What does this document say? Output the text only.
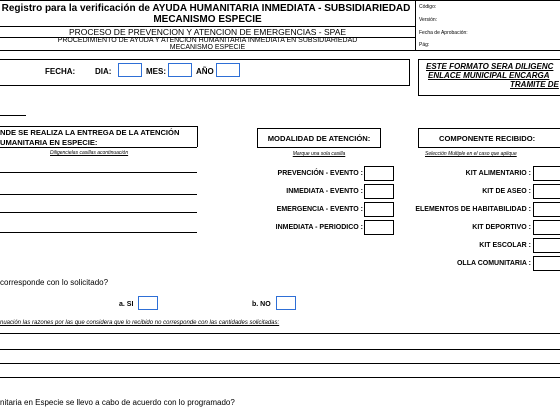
Registro para la verificación de AYUDA HUMANITARIA INMEDIATA - SUBSIDIARIEDAD
MECANISMO ESPECIE
PROCESO DE PREVENCION Y ATENCION DE EMERGENCIAS - SPAE
PROCEDIMIENTO DE AYUDA Y ATENCION HUMANITARIA INMEDIATA EN SUBSIDIARIEDAD
MECANISMO ESPECIE
Código:
Versión:
Fecha de Aprobación:
Pág:
FECHA: DIA:	MES:	AÑO
ESTE FORMATO SERA DILIGENC
ENLACE MUNICIPAL ENCARGA
TRAMITE DE
NDE SE REALIZA LA ENTREGA DE LA ATENCIÓN
UMANITARIA EN ESPECIE:
Diligencielas casillas acontinuación
MODALIDAD DE ATENCIÓN:
Marque una sola casilla
PREVENCIÓN - EVENTO :
INMEDIATA - EVENTO :
EMERGENCIA - EVENTO :
INMEDIATA - PERIODICO :
COMPONENTE RECIBIDO:
Selección Multiple en el caso que aplique
KIT ALIMENTARIO :
KIT DE ASEO :
ELEMENTOS DE HABITABILIDAD :
KIT DEPORTIVO :
KIT ESCOLAR :
OLLA COMUNITARIA :
corresponde con lo solicitado?
a. SI	b. NO
nuación las razones por las que considera que lo recibido no corresponde con las cantidades solicitadas:
nitaria en Especie se llevo a cabo de acuerdo con lo programado?
